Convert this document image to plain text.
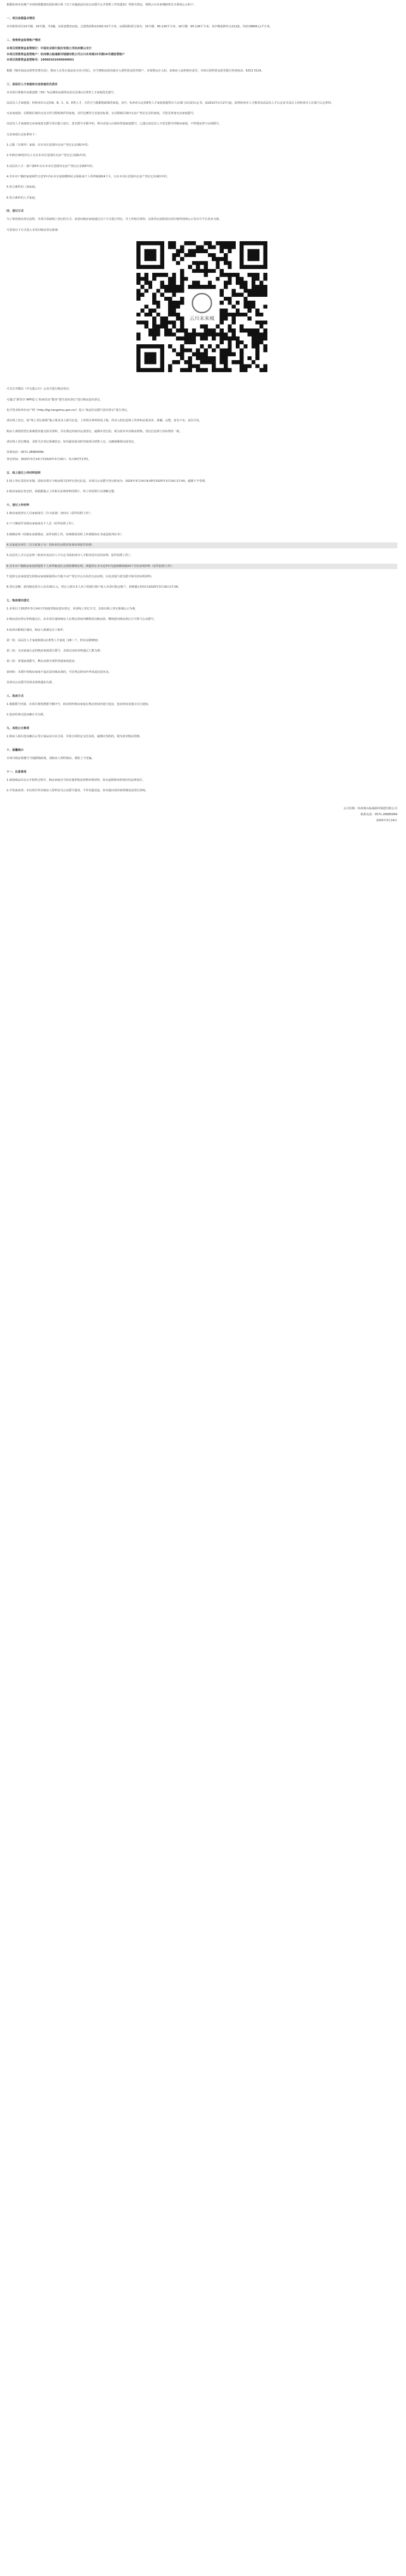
根据杭州市房地产市场持续健康发展协调小组《关于实施商品住房公证摇号公开销售工作的通知》等相关规定，现将云川未来城销售有关事项公示如下：

一、项目房源基本情况

本次销售项目15号楼、16号楼，共2幢，房屋套数212套，总建筑面积22182.02平方米。房源面积段分别为：15号楼：95-126平方米，16号楼：95-126平方米，其中精装修住宅212套，均价18806元/平方米。

二、预售资金监管账户情况

本项目预售资金监管银行：中国农业银行股份有限公司杭州萧山支行

本项目预售资金监管账户：杭州萧山临浦新村城建有限公司云川未来城15号楼16号楼监管账户

本项目预售资金监管账号：19060101040049601

根据《城市商品房预售管理办法》，购房人在签订商品房买卖合同后，应当将购房款直接存入预售资金监管账户，未按规定存入的，由购房人承担相应责任。本项目预售资金监管银行咨询电话：6313 3119。

三、高层次人才家庭和无房家庭优先供应

本次项目将推出房源套数（50）%比例的房源供高层次及萧山区E类人才家庭优先摇号。

高层次人才家庭指：经杭州市认定的A、B、C、D、E类人才，且符合当地限购政策的家庭。其中，杭州市认定的E类人才家庭须提供市人社部门出具的认定书，或2021年1月27日起，取得杭州市人才服务局高层次人才认定证书及以上的杭州市人社部门认定材料。

无房家庭指：在限购区域内无房且符合限购条件的家庭。首付比例符合首套房标准，且在限购区域内无房产登记记录的家庭，可优先参加无房家庭摇号。

高层次人才家庭和无房家庭优先摇号各自独立进行。优先摇号未摇中的，将自动进入后续的普通家庭摇号。已通过高层次人才优先摇号的购房家庭，不得重复参与后续摇号。

无房家庭认定标准如下：

1.已婚（含离异）家庭：在本市区范围内无房产登记记录满1年的；

2.年龄在30周岁以上且在本市区范围内无房产登记记录满1年的；

3.高层次人才：落户满3年且在本市区范围内无房产登记记录满3年的；

4.非本市户籍的家庭须符合近3年内在本市连续缴纳社会保险或个人所得税满24个月，且在本市区范围内无房产登记记录满1年的；

5.符合条件的三孩家庭；

6.符合条件的人才家庭。

四、登记方式

为了简化购房登记流程，本项目采取线上登记的方式。请意向购房家庭通过以下方式进行登记，并上传相关材料。具体登记流程请以项目销售现场公示及官方平台发布为准。

可采用以下方式进入本项目购房登记系统：

云川未来城

可关注并微信（中交建云川）公众号进行购房登记：

可通过“浙里办”APP进入“杭州住房”服务“摇号意向登记”进行购房意向登记。

也可登录杭州市房产网（http://fgj.hangzhou.gov.cn/）进入“商品住房摇号意向登记”进行登记。

请在线上登记，按“线上登记系统”提示要求录入相关信息，上传相关材料的电子版，所录入的信息和上传材料必须真实、准确、完整，如有不实，责任自负。

购房人须按照登记系统要求提交相关资料，并在规定时间内完成登记。逾期未登记的，视为放弃本次购房资格。登记信息须与实际情况一致。

请在线上登记期间，及时关注登记系统状态，如有疑问请及时咨询项目销售人员，以确保顺利完成登记。

咨询电话：0571-28685999；

登记时间：2025年3月14日至2025年3月16日，每天9时至17时。

五、线上登记上传材料说明

1.线上登记采用实名制，需如实填写与购房相关的所有登记信息。本项目公证摇号登记时间为：2025年3月14日9:00至2025年3月16日17:00，逾期不予受理。

2.购房家庭在登记时，须根据提示上传相关证明材料的照片，所上传的照片应清晰完整。

六、登记上传材料

1.购房家庭登记人员家庭成员（含夫或妻）身份证（原件拍照上传）；

2.户口簿原件及购房家庭成员个人页（原件拍照上传）；

3.婚姻证明（结婚证或离婚证，原件拍照上传，如离婚需同时上传离婚协议书或法院判决书）；

4.以家庭为单位（含夫或妻子女）的杭州住房情况查询证明原件拍照；

5.高层次人才认定证明（杭州市高层次人才认定书或杭州市人才服务局出具的证明，原件拍照上传）；

6.非本市户籍购房家庭须提供个人所得税或社会保险缴纳证明，须提供在本市近3年内连续缴纳满24个月的证明材料（原件拍照上传）；

7.选择无房家庭优先的购房家庭须提供由当地不动产登记中心出具的无房证明，以及其他与优先摇号相关的证明材料；

8.登记金额：意向购房款为人民币30万元，登记人须以本人名下的银行账户转入本项目指定账户，转账截止时间为2025年3月16日17:00。

七、购房意向登记

1.本项目于2025年3月14日开始接受购房意向登记，采用线上登记方式，具体以线上登记系统公示为准。

2.购房意向登记审核通过后，由本项目通知购房人在规定时间内缴纳意向购房款，缴纳意向购房款后方可参与公证摇号。

3.杭州市限购区域内，购房人须满足以下条件：

第一轮：高层次人才家庭和萧山区E类人才家庭（28）户，供应房源58套；

第二轮：无房家庭认定的购房家庭进行摇号，具体以实际审核通过人数为准；

第三轮：普通家庭摇号，剩余房源全部供普通家庭选房。

第四轮：未摇中的购房家庭不退还意向购房款的，可在规定时间内申请退还意向金。

具体以公证摇号结果及现场通知为准。

八、选房方式

1.根据摇号结果，本项目将按照摇号顺序号，依次组织购房家庭在规定时间内进行选房，选房时间及地点另行通知。

2.选房结果以选房确认书为准。

九、其他公示事项

1.购房人须在选房确认后签订商品房买卖合同，并按合同约定支付房款，逾期未签约的，视为放弃购房资格。

十、温馨提示

本项目购房须遵守当地限购政策，请购房人理性购房，谨防上当受骗。

十一、注意事项

1.新建商品住房公开销售过程中，购房家庭应当如实提供购房资格审核材料，如有虚假将承担相应的法律责任。

2.开发商承诺：本次项目所有购房人资料仅为公证摇号使用，不作其他用途，如有疑问请咨询售楼处或登记热线。

公司名称：杭州萧山临浦新村城建有限公司

联系电话：0571-28685999

2025年3月14日
